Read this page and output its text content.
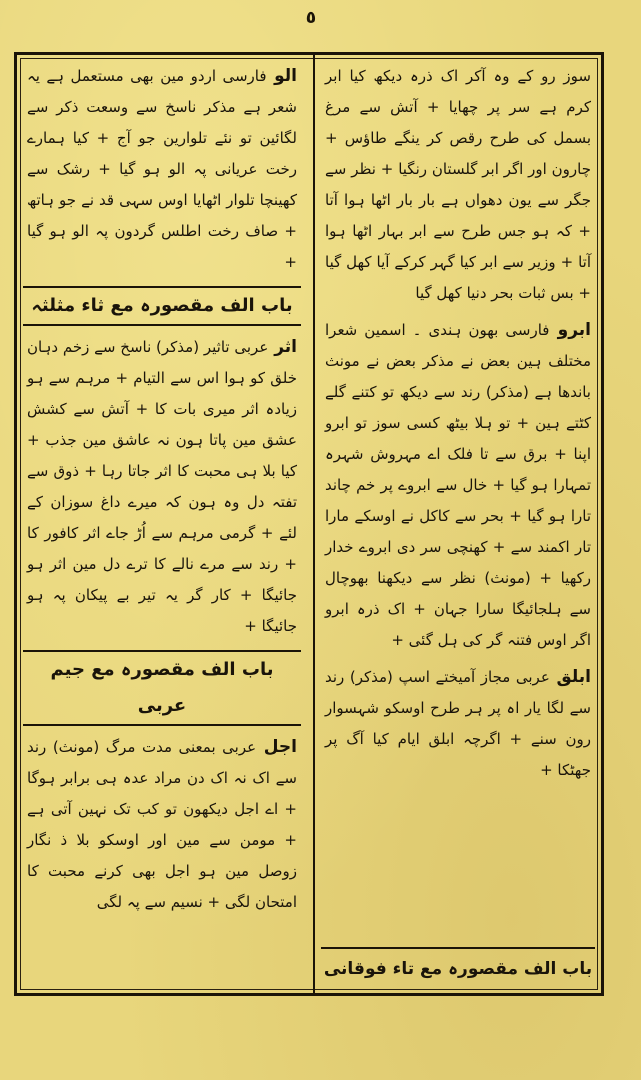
٥
سوز رو کے وہ آکر اک ذرہ دیکھ کیا ابر کرم ہے سر پر چھایا + آتش سے مرغ بسمل کی طرح رقص کر ینگے طاؤس + چارون اور اگر ابر گلستان رنگیا + نظر سے جگر سے یون دھواں ہے بار بار اٹھا ہوا آتا + کہ ہو جس طرح سے ابر بہار اٹھا ہوا آتا + وزیر سے ابر کیا گہر کرکے آیا کھل گیا + بس ثبات بحر دنیا کھل گیا
ابرو فارسی بھون ہندی ۔ اسمین شعرا مختلف ہین بعض نے مذکر بعض نے مونث باندھا ہے (مذکر) رند سے دیکھ تو کتنے گلے کٹتے ہین + تو ہلا بیٹھ کسی سوز تو ابرو اپنا + برق سے تا فلک اے مہروش شہرہ تمہارا ہو گیا + خال سے ابروے پر خم چاند تارا ہو گیا + بحر سے کاکل نے اوسکے مارا تار اکمند سے + کھنچی سر دی ابروے خدار رکھیا + (مونث) نظر سے دیکھنا بھوچال سے ہلجائیگا سارا جہان + اک ذرہ ابرو اگر اوس فتنہ گر کی ہل گئی +
ابلق عربی مجاز آمیختے اسپ (مذکر) رند سے لگا یار اہ پر ہر طرح اوسکو شہسوار رون سنے + اگرچہ ابلق ایام کیا آگ پر جھٹکا +
باب الف مقصورہ مع تاء فوقانی
الو فارسی اردو مین بھی مستعمل ہے یہ شعر ہے مذکر ناسخ سے وسعت ذکر سے لگائین تو نئے تلوارین جو آج + کیا ہمارے رخت عریانی پہ الو ہو گیا + رشک سے کھینچا تلوار اٹھایا اوس سہی قد نے جو ہاتھ + صاف رخت اطلس گردون پہ الو ہو گیا +
باب الف مقصورہ مع ثاء مثلثہ
اثر عربی تاثیر (مذکر) ناسخ سے زخم دہان خلق کو ہوا اس سے التیام + مرہم سے ہو زیادہ اثر میری بات کا + آتش سے کشش عشق مین پاتا ہون نہ عاشق مین جذب + کیا بلا ہی محبت کا اثر جاتا رہا + ذوق سے تفتہ دل وہ ہون کہ میرے داغ سوزان کے لئے + گرمی مرہم سے اُڑ جاے اثر کافور کا + رند سے مرے نالے کا ترے دل مین اثر ہو جائیگا + کار گر یہ تیر بے پیکان پہ ہو جائیگا +
باب الف مقصورہ مع جیم عربی
اجل عربی بمعنی مدت مرگ (مونث) رند سے اک نہ اک دن مراد عدہ ہی برابر ہوگا + اے اجل دیکھون تو کب تک نہین آتی ہے + مومن سے مین اور اوسکو بلا ذ نگار زوصل مین ہو اجل بھی کرنے محبت کا امتحان لگی + نسیم سے پہ لگی
